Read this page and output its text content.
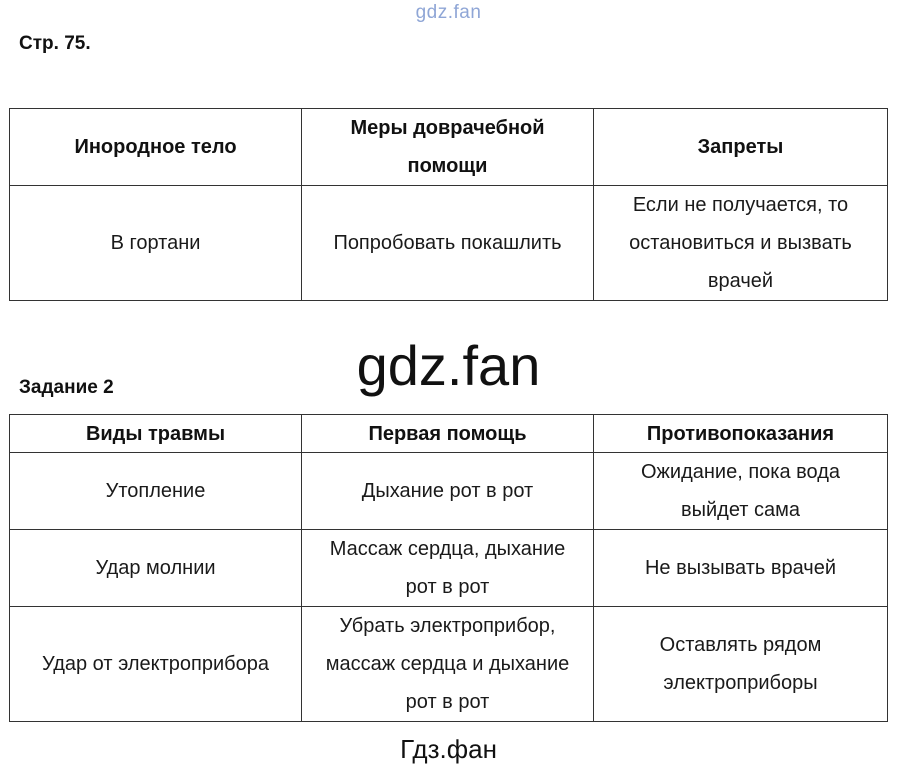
gdz.fan
Стр. 75.
Инородное тело	Меры доврачебной помощи	Запреты
В гортани	Попробовать покашлить	Если не получается, то остановиться и вызвать врачей
gdz.fan
Задание 2
Виды травмы	Первая помощь	Противопоказания
Утопление	Дыхание рот в рот	Ожидание, пока вода выйдет сама
Удар молнии	Массаж сердца, дыхание рот в рот	Не вызывать врачей
Удар от электроприбора	Убрать электроприбор, массаж сердца и дыхание рот в рот	Оставлять рядом электроприборы
Гдз.фан
